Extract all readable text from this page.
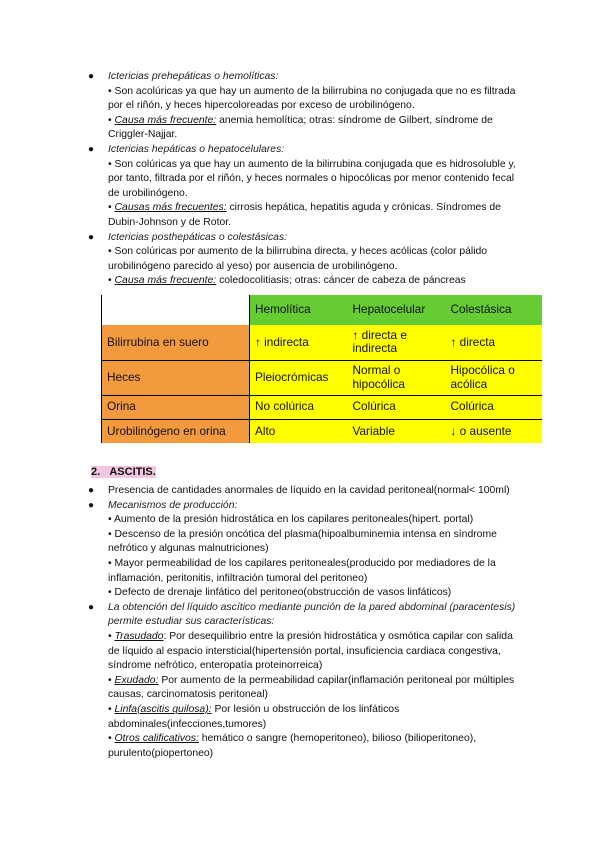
● Ictericias prehepáticas o hemolíticas:
• Son acolúricas ya que hay un aumento de la bilirrubina no conjugada que no es filtrada por el riñón, y heces hipercoloreadas por exceso de urobilinógeno.
• Causa más frecuente: anemia hemolítica; otras: síndrome de Gilbert, síndrome de Criggler-Najjar.
● Ictericias hepáticas o hepatocelulares:
• Son colúricas ya que hay un aumento de la bilirrubina conjugada que es hidrosoluble y, por tanto, filtrada por el riñón, y heces normales o hipocólicas por menor contenido fecal de urobilinógeno.
• Causas más frecuentes: cirrosis hepática, hepatitis aguda y crónicas. Síndromes de Dubin-Johnson y de Rotor.
● Ictericias posthepáticas o colestásicas:
• Son colúricas por aumento de la bilirrubina directa, y heces acólicas (color pálido urobilinógeno parecido al yeso) por ausencia de urobilinógeno.
• Causa más frecuente: coledocolitiasis; otras: cáncer de cabeza de páncreas
	Hemolítica	Hepatocelular	Colestásica
Bilirrubina en suero	↑ indirecta	↑ directa e indirecta	↑ directa
Heces	Pleiocrómicas	Normal o hipocólica	Hipocólica o acólica
Orina	No colúrica	Colúrica	Colúrica
Urobilinógeno en orina	Alto	Variable	↓ o ausente
2. ASCITIS.
● Presencia de cantidades anormales de líquido en la cavidad peritoneal(normal< 100ml)
● Mecanismos de producción:
• Aumento de la presión hidrostática en los capilares peritoneales(hipert. portal)
• Descenso de la presión oncótica del plasma(hipoalbuminemia intensa en síndrome nefrótico y algunas malnutriciones)
• Mayor permeabilidad de los capilares peritoneales(producido por mediadores de la inflamación, peritonitis, infiltración tumoral del peritoneo)
• Defecto de drenaje linfático del peritoneo(obstrucción de vasos linfáticos)
● La obtención del líquido ascítico mediante punción de la pared abdominal (paracentesis) permite estudiar sus características:
• Trasudado: Por desequilibrio entre la presión hidrostática y osmótica capilar con salida de líquido al espacio intersticial(hipertensión portal, insuficiencia cardiaca congestiva, síndrome nefrótico, enteropatía proteinorreica)
• Exudado: Por aumento de la permeabilidad capilar(inflamación peritoneal por múltiples causas, carcinomatosis peritoneal)
• Linfa(ascitis quilosa): Por lesión u obstrucción de los linfáticos abdominales(infecciones,tumores)
• Otros calificativos: hemático o sangre (hemoperitoneo), bilioso (bilioperitoneo), purulento(piopertoneo)
